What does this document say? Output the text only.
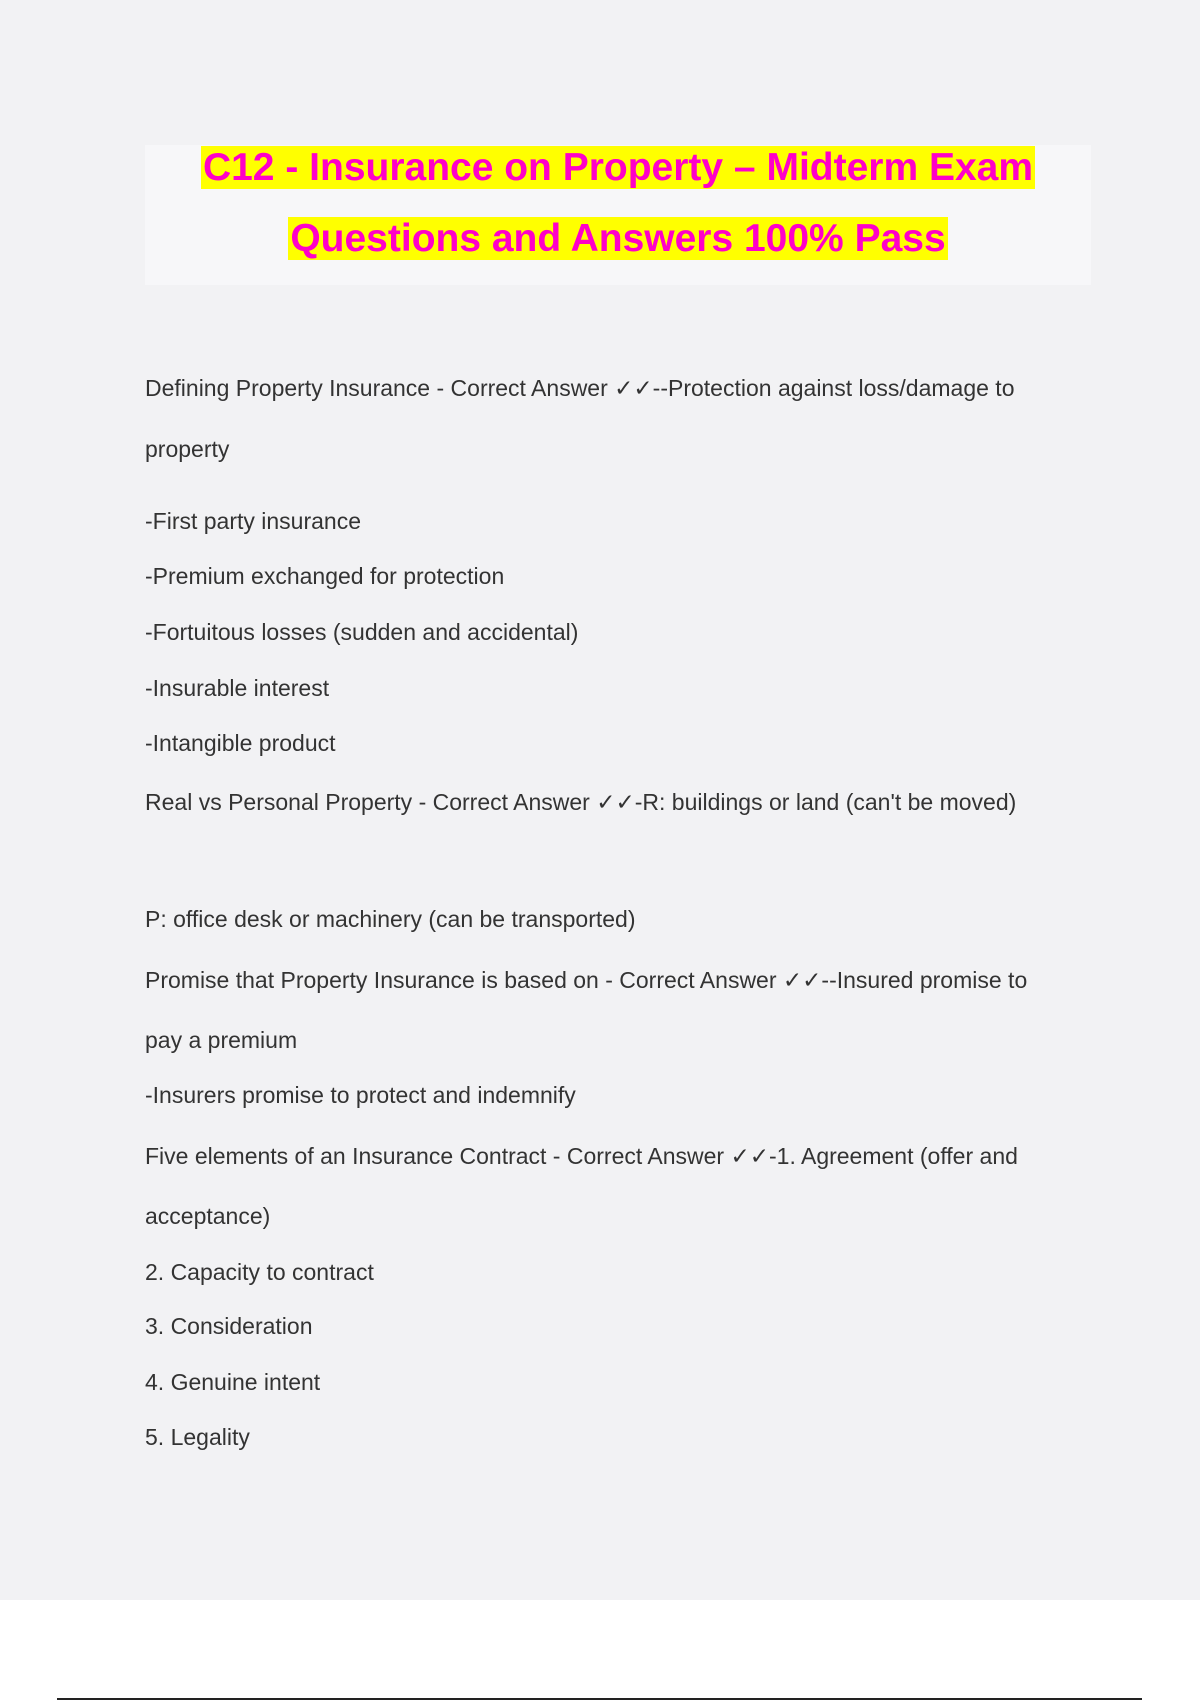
C12 - Insurance on Property – Midterm Exam
Questions and Answers 100% Pass
Defining Property Insurance - Correct Answer ✓✓--Protection against loss/damage to
property
-First party insurance
-Premium exchanged for protection
-Fortuitous losses (sudden and accidental)
-Insurable interest
-Intangible product
Real vs Personal Property - Correct Answer ✓✓-R: buildings or land (can't be moved)
P: office desk or machinery (can be transported)
Promise that Property Insurance is based on - Correct Answer ✓✓--Insured promise to
pay a premium
-Insurers promise to protect and indemnify
Five elements of an Insurance Contract - Correct Answer ✓✓-1. Agreement (offer and
acceptance)
2. Capacity to contract
3. Consideration
4. Genuine intent
5. Legality
